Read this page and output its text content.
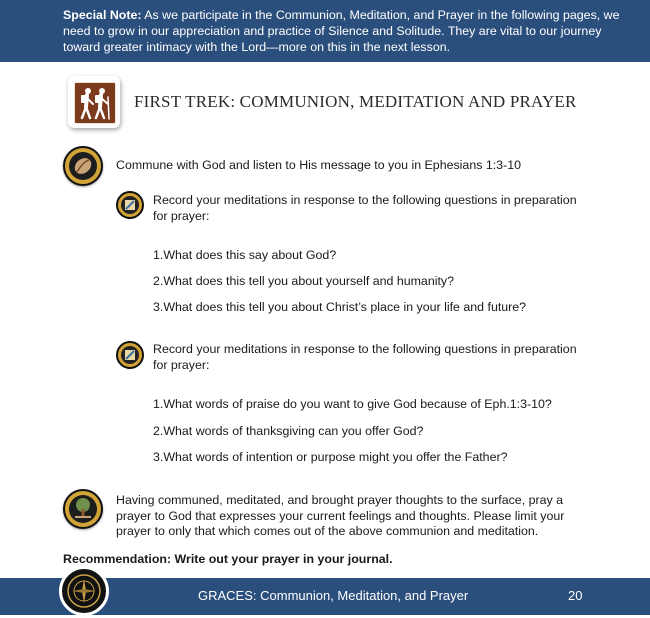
Special Note: As we participate in the Communion, Meditation, and Prayer in the following pages, we need to grow in our appreciation and practice of Silence and Solitude. They are vital to our journey toward greater intimacy with the Lord—more on this in the next lesson.
FIRST TREK: COMMUNION, MEDITATION AND PRAYER
Commune with God and listen to His message to you in Ephesians 1:3-10
Record your meditations in response to the following questions in preparation
for prayer:
1.What does this say about God?
2.What does this tell you about yourself and humanity?
3.What does this tell you about Christ’s place in your life and future?
Record your meditations in response to the following questions in preparation
for prayer:
1.What words of praise do you want to give God because of Eph.1:3-10?
2.What words of thanksgiving can you offer God?
3.What words of intention or purpose might you offer the Father?
Having communed, meditated, and brought prayer thoughts to the surface, pray a
prayer to God that expresses your current feelings and thoughts. Please limit your
prayer to only that which comes out of the above communion and meditation.
Recommendation: Write out your prayer in your journal.
GRACES: Communion, Meditation, and Prayer	20
